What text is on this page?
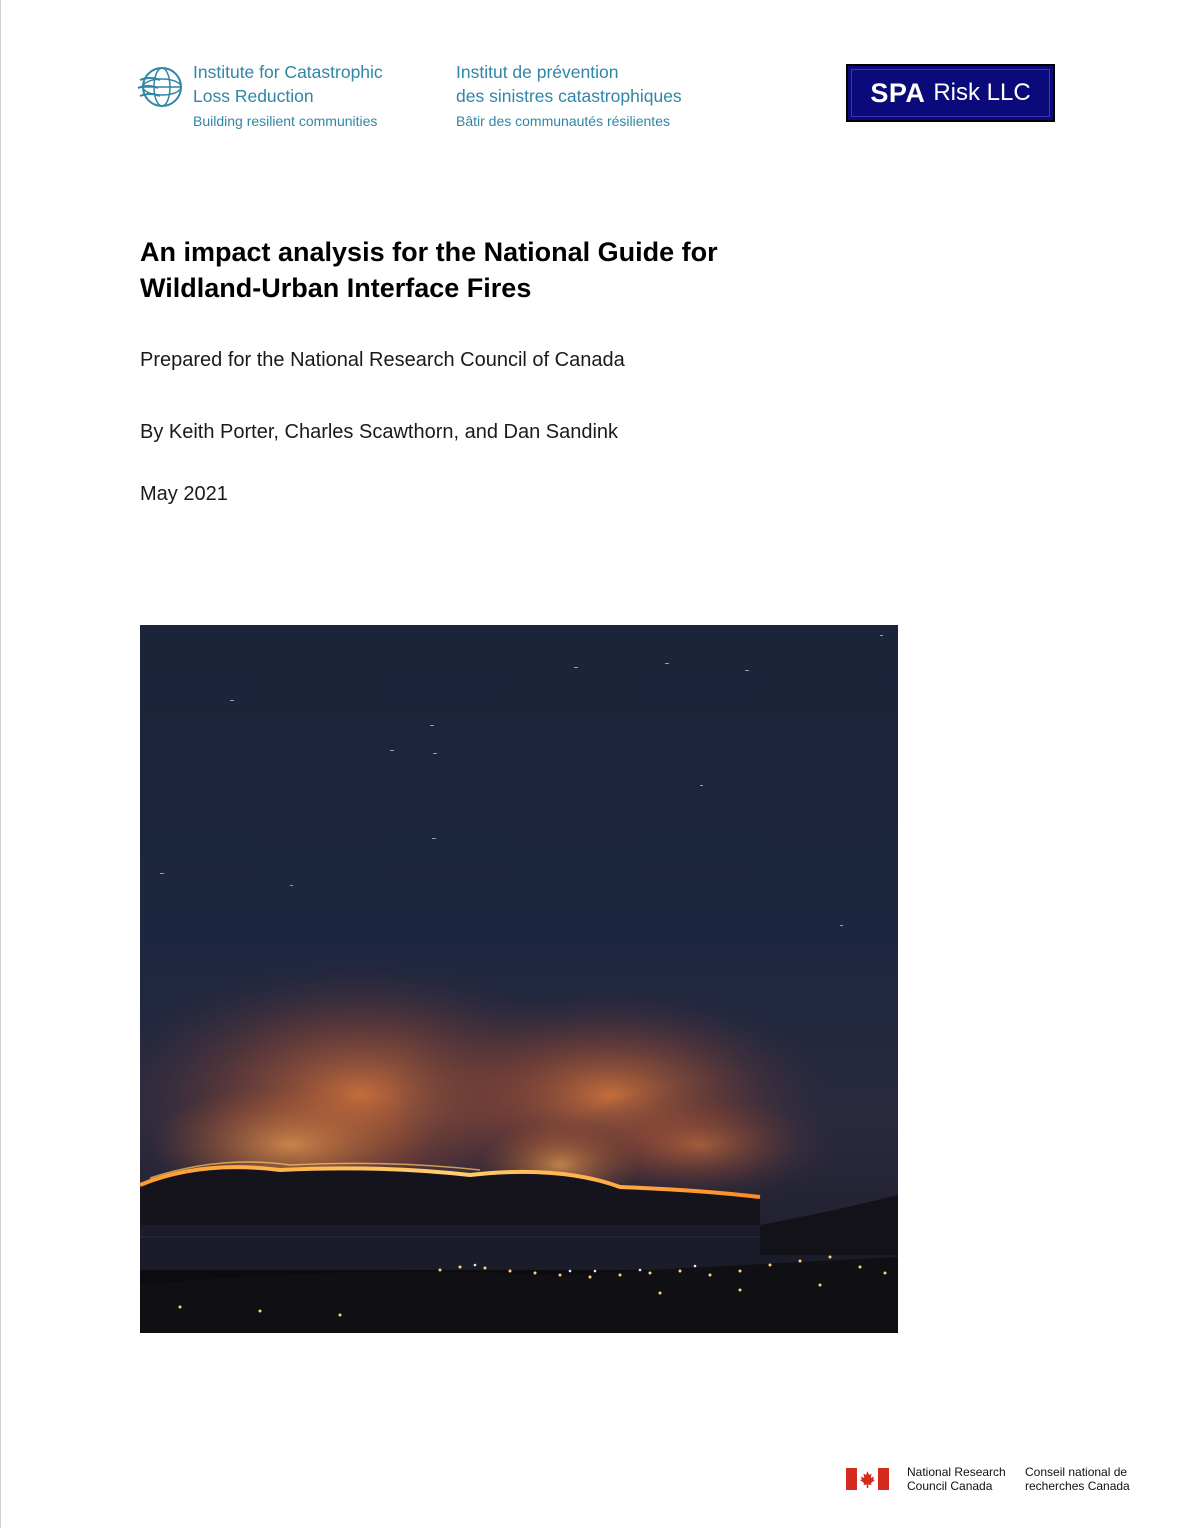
Institute for Catastrophic
Loss Reduction
Building resilient communities
Institut de prévention
des sinistres catastrophiques
Bâtir des communautés résilientes
SPA Risk LLC
An impact analysis for the National Guide for
Wildland-Urban Interface Fires
Prepared for the National Research Council of Canada
By Keith Porter, Charles Scawthorn, and Dan Sandink
May 2021
National Research
Council Canada
Conseil national de
recherches Canada
